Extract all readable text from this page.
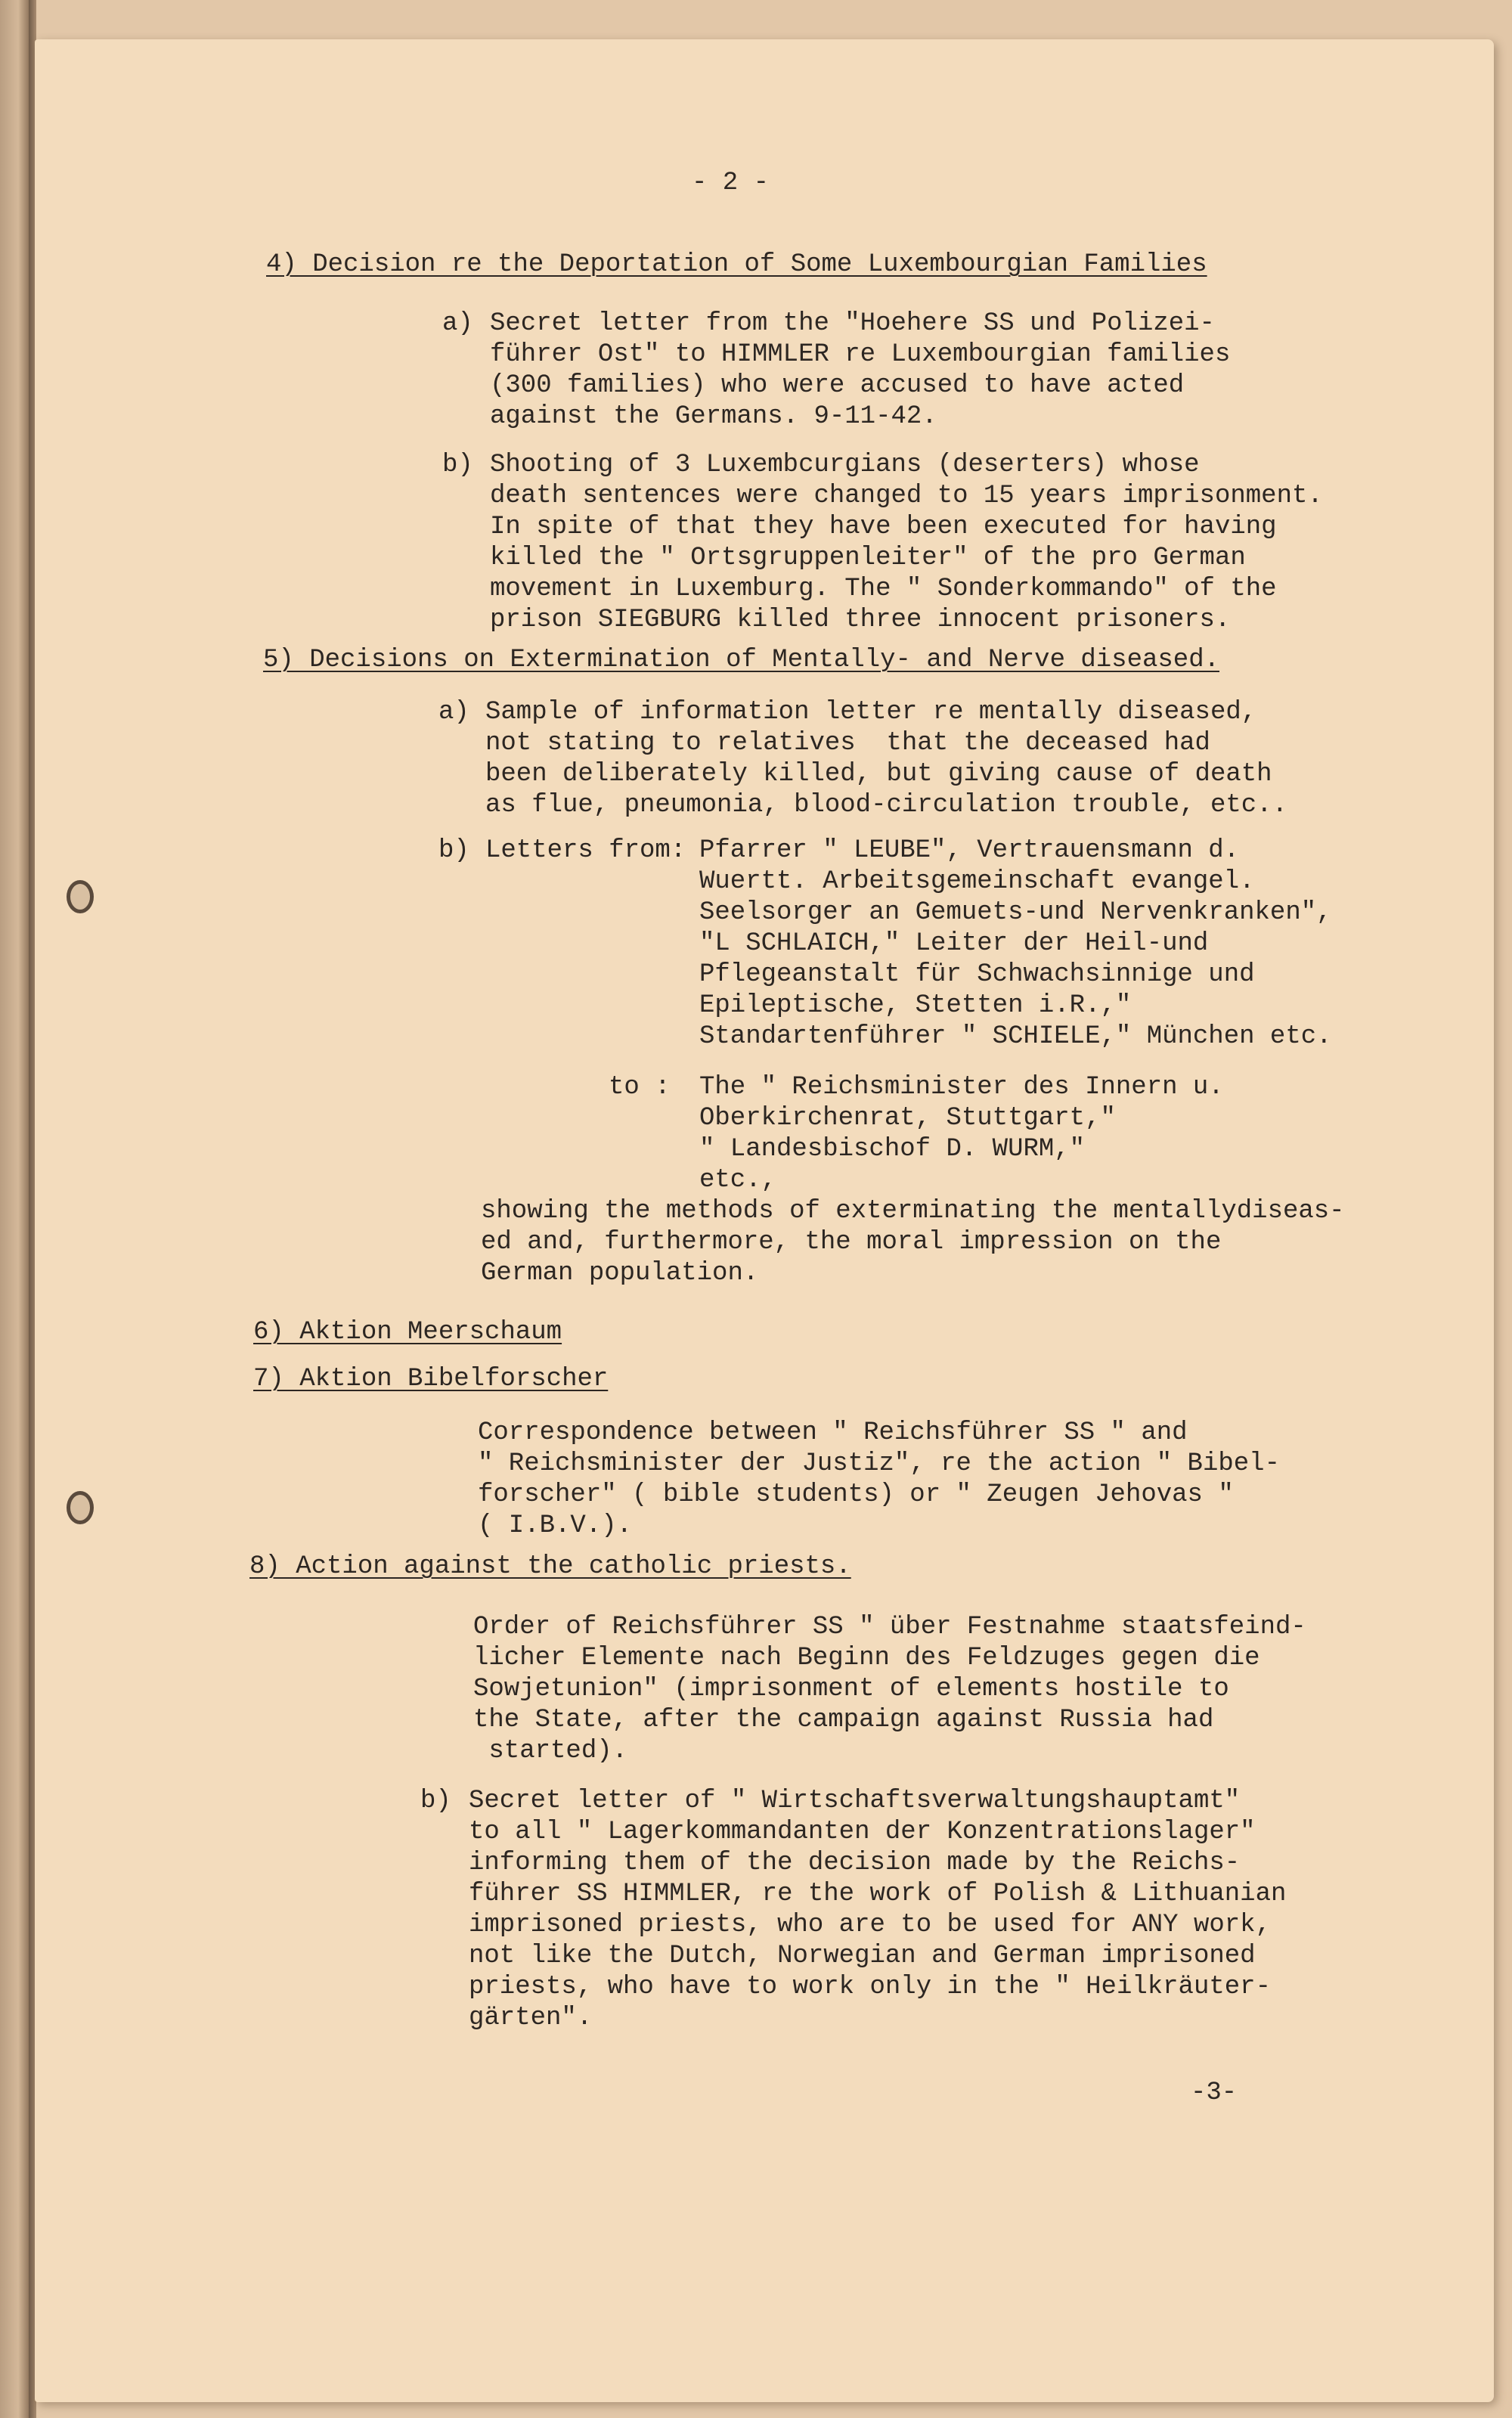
- 2 -
4) Decision re the Deportation of Some Luxembourgian Families
a) Secret letter from the "Hoehere SS und Polizei-
führer Ost" to HIMMLER re Luxembourgian families
(300 families) who were accused to have acted
against the Germans. 9-11-42.
b) Shooting of 3 Luxembcurgians (deserters) whose
death sentences were changed to 15 years imprisonment.
In spite of that they have been executed for having
killed the " Ortsgruppenleiter" of the pro German
movement in Luxemburg. The " Sonderkommando" of the
prison SIEGBURG killed three innocent prisoners.
5) Decisions on Extermination of Mentally- and Nerve diseased.
a) Sample of information letter re mentally diseased,
not stating to relatives  that the deceased had
been deliberately killed, but giving cause of death
as flue, pneumonia, blood-circulation trouble, etc..
b) Letters from: Pfarrer " LEUBE", Vertrauensmann d.
Wuertt. Arbeitsgemeinschaft evangel.
Seelsorger an Gemuets-und Nervenkranken",
"L SCHLAICH," Leiter der Heil-und
Pflegeanstalt für Schwachsinnige und
Epileptische, Stetten i.R.,"
Standartenführer " SCHIELE," München etc.
to : The " Reichsminister des Innern u.
Oberkirchenrat, Stuttgart,"
" Landesbischof D. WURM,"
etc.,
showing the methods of exterminating the mentallydiseas-
ed and, furthermore, the moral impression on the
German population.
6) Aktion Meerschaum
7) Aktion Bibelforscher
Correspondence between " Reichsführer SS " and
" Reichsminister der Justiz", re the action " Bibel-
forscher" ( bible students) or " Zeugen Jehovas "
( I.B.V.).
8) Action against the catholic priests.
Order of Reichsführer SS " über Festnahme staatsfeind-
licher Elemente nach Beginn des Feldzuges gegen die
Sowjetunion" (imprisonment of elements hostile to
the State, after the campaign against Russia had
started).
b) Secret letter of " Wirtschaftsverwaltungshauptamt"
to all " Lagerkommandanten der Konzentrationslager"
informing them of the decision made by the Reichs-
führer SS HIMMLER, re the work of Polish & Lithuanian
imprisoned priests, who are to be used for ANY work,
not like the Dutch, Norwegian and German imprisoned
priests, who have to work only in the " Heilkräuter-
gärten".
-3-
